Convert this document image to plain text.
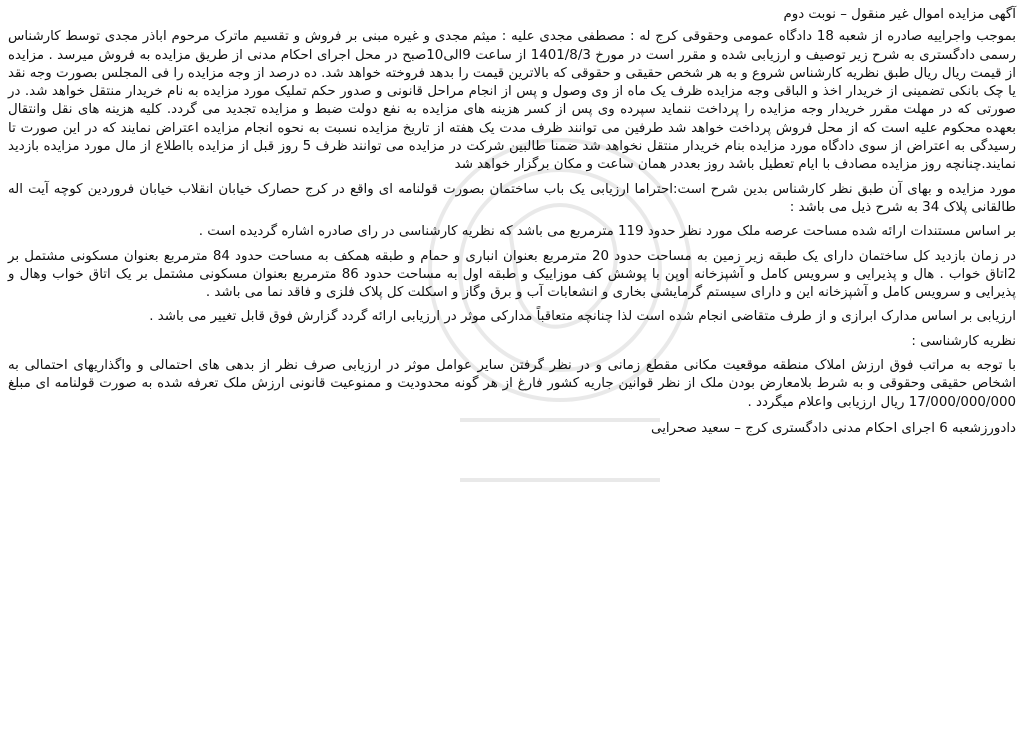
آگهی مزایده اموال غیر منقول – نوبت دوم

بموجب واجراییه صادره از شعبه 18 دادگاه عمومی وحقوقی کرج له : مصطفی مجدی علیه : میثم مجدی و غیره مبنی بر فروش و تقسیم ماترک مرحوم اباذر مجدی توسط کارشناس رسمی دادگستری به شرح زیر توصیف و ارزیابی شده و مقرر است در مورخ 1401/8/3 از ساعت 9الی10صبح در محل اجرای احکام مدنی از طریق مزایده به فروش میرسد . مزایده از قیمت ریال ریال طبق نظریه کارشناس شروع و به هر شخص حقیقی و حقوقی که بالاترین قیمت را بدهد فروخته خواهد شد. ده درصد از وجه مزایده را فی المجلس بصورت وجه نقد یا چک بانکی تضمینی از خریدار اخذ و الباقی وجه مزایده ظرف یک ماه از وی وصول و پس از انجام مراحل قانونی و صدور حکم تملیک مورد مزایده به نام خریدار منتقل خواهد شد. در صورتی که در مهلت مقرر خریدار وجه مزایده را پرداخت ننماید سپرده وی پس از کسر هزینه های مزایده به نفع دولت ضبط و مزایده تجدید می گردد. کلیه هزینه های نقل وانتقال بعهده محکوم علیه است که از محل فروش پرداخت خواهد شد طرفین می توانند ظرف مدت یک هفته از تاریخ مزایده نسبت به نحوه انجام مزایده اعتراض نمایند که در این صورت تا رسیدگی به اعتراض از سوی دادگاه مورد مزایده بنام خریدار منتقل نخواهد شد ضمنا طالبین شرکت در مزایده می توانند ظرف 5 روز قبل از مزایده بااطلاع از مال مورد مزایده بازدید نمایند.چنانچه روز مزایده مصادف با ایام تعطیل باشد روز بعددر همان ساعت و مکان برگزار خواهد شد

مورد مزایده و بهای آن طبق نظر کارشناس بدین شرح است:احتراما ارزیابی یک باب ساختمان بصورت قولنامه ای واقع در کرج حصارک خیابان انقلاب خیابان فروردین کوچه آیت اله طالقانی پلاک 34 به شرح ذیل می باشد :

بر اساس مستندات ارائه شده مساحت عرصه ملک مورد نظر حدود 119 مترمربع می باشد که نظریه کارشناسی در رای صادره اشاره گردیده است .

در زمان بازدید کل ساختمان دارای یک طبقه زیر زمین به مساحت حدود 20 مترمربع بعنوان انباری و حمام و طبقه همکف به مساحت حدود 84 مترمربع بعنوان مسکونی مشتمل بر 2اتاق خواب . هال و پذیرایی و سرویس کامل و آشپزخانه اوپن با پوشش کف موزاییک و طبقه اول به مساحت حدود 86 مترمربع بعنوان مسکونی مشتمل بر یک اتاق خواب وهال و پذیرایی و سرویس کامل و آشپزخانه این و دارای سیستم گرمایشی بخاری و انشعابات آب و برق وگاز و اسکلت کل پلاک فلزی و فاقد نما می باشد .

ارزیابی بر اساس مدارک ابرازی و از طرف متقاضی انجام شده است لذا چنانچه متعاقباً مدارکی موثر در ارزیابی ارائه گردد گزارش فوق قابل تغییر می باشد .

نظریه کارشناسی :

با توجه به مراتب فوق ارزش املاک منطقه موقعیت مکانی مقطع زمانی و در نظر گرفتن سایر عوامل موثر در ارزیابی صرف نظر از بدهی های احتمالی و واگذاریهای احتمالی به اشخاص حقیقی وحقوقی و به شرط بلامعارض بودن ملک از نظر قوانین جاریه کشور فارغ از هر گونه محدودیت و ممنوعیت قانونی ارزش ملک تعرفه شده به صورت قولنامه ای مبلغ 17/000/000/000 ریال ارزیابی واعلام میگردد .

دادورزشعبه 6 اجرای احکام مدنی دادگستری کرج – سعید صحرایی
